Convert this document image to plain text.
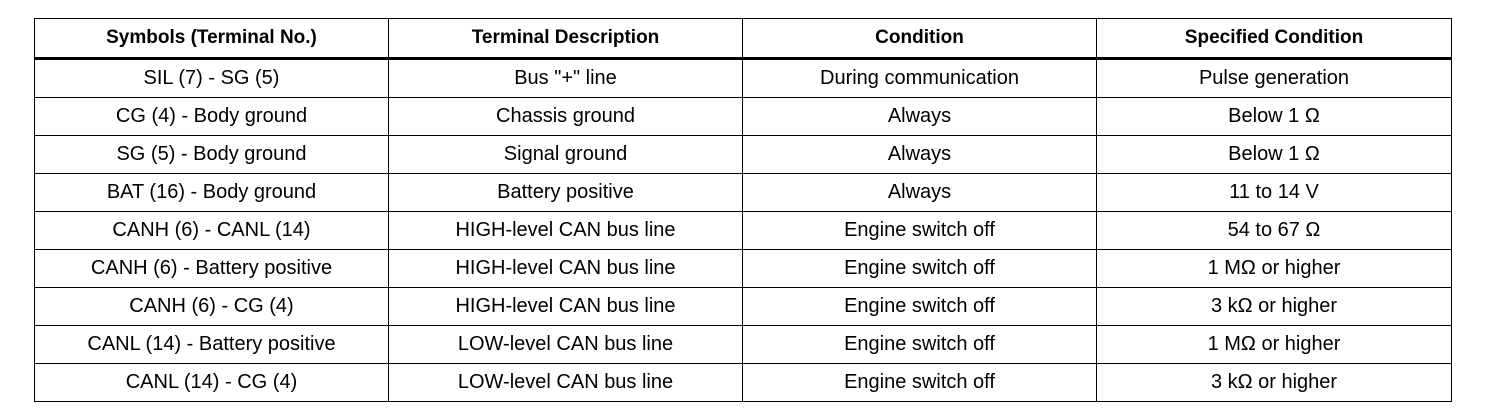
Symbols (Terminal No.)	Terminal Description	Condition	Specified Condition
SIL (7) - SG (5)	Bus "+" line	During communication	Pulse generation
CG (4) - Body ground	Chassis ground	Always	Below 1 Ω
SG (5) - Body ground	Signal ground	Always	Below 1 Ω
BAT (16) - Body ground	Battery positive	Always	11 to 14 V
CANH (6) - CANL (14)	HIGH-level CAN bus line	Engine switch off	54 to 67 Ω
CANH (6) - Battery positive	HIGH-level CAN bus line	Engine switch off	1 MΩ or higher
CANH (6) - CG (4)	HIGH-level CAN bus line	Engine switch off	3 kΩ or higher
CANL (14) - Battery positive	LOW-level CAN bus line	Engine switch off	1 MΩ or higher
CANL (14) - CG (4)	LOW-level CAN bus line	Engine switch off	3 kΩ or higher
